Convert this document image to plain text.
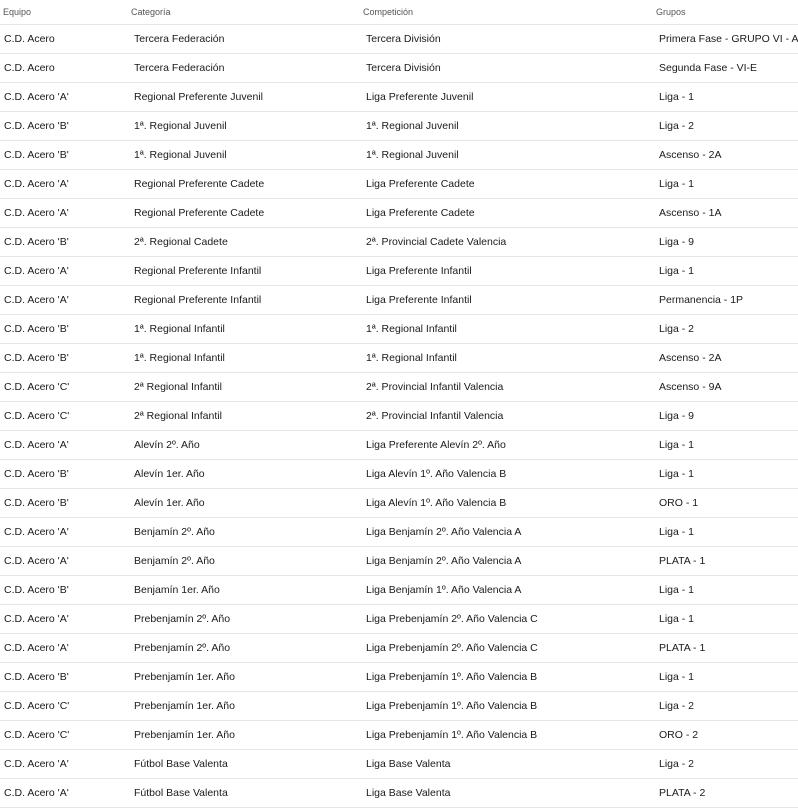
Equipo	Categoría	Competición	Grupos
C.D. Acero	Tercera Federación	Tercera División	Primera Fase - GRUPO VI - A
C.D. Acero	Tercera Federación	Tercera División	Segunda Fase - VI-E
C.D. Acero 'A'	Regional Preferente Juvenil	Liga Preferente Juvenil	Liga - 1
C.D. Acero 'B'	1ª. Regional Juvenil	1ª. Regional Juvenil	Liga - 2
C.D. Acero 'B'	1ª. Regional Juvenil	1ª. Regional Juvenil	Ascenso - 2A
C.D. Acero 'A'	Regional Preferente Cadete	Liga Preferente Cadete	Liga - 1
C.D. Acero 'A'	Regional Preferente Cadete	Liga Preferente Cadete	Ascenso - 1A
C.D. Acero 'B'	2ª. Regional Cadete	2ª. Provincial Cadete Valencia	Liga - 9
C.D. Acero 'A'	Regional Preferente Infantil	Liga Preferente Infantil	Liga - 1
C.D. Acero 'A'	Regional Preferente Infantil	Liga Preferente Infantil	Permanencia - 1P
C.D. Acero 'B'	1ª. Regional Infantil	1ª. Regional Infantil	Liga - 2
C.D. Acero 'B'	1ª. Regional Infantil	1ª. Regional Infantil	Ascenso - 2A
C.D. Acero 'C'	2ª Regional Infantil	2ª. Provincial Infantil Valencia	Ascenso - 9A
C.D. Acero 'C'	2ª Regional Infantil	2ª. Provincial Infantil Valencia	Liga - 9
C.D. Acero 'A'	Alevín 2º. Año	Liga Preferente Alevín 2º. Año	Liga - 1
C.D. Acero 'B'	Alevín 1er. Año	Liga Alevín 1º. Año Valencia B	Liga - 1
C.D. Acero 'B'	Alevín 1er. Año	Liga Alevín 1º. Año Valencia B	ORO - 1
C.D. Acero 'A'	Benjamín 2º. Año	Liga Benjamín 2º. Año Valencia A	Liga - 1
C.D. Acero 'A'	Benjamín 2º. Año	Liga Benjamín 2º. Año Valencia A	PLATA - 1
C.D. Acero 'B'	Benjamín 1er. Año	Liga Benjamín 1º. Año Valencia A	Liga - 1
C.D. Acero 'A'	Prebenjamín 2º. Año	Liga Prebenjamín 2º. Año Valencia C	Liga - 1
C.D. Acero 'A'	Prebenjamín 2º. Año	Liga Prebenjamín 2º. Año Valencia C	PLATA - 1
C.D. Acero 'B'	Prebenjamín 1er. Año	Liga Prebenjamín 1º. Año Valencia B	Liga - 1
C.D. Acero 'C'	Prebenjamín 1er. Año	Liga Prebenjamín 1º. Año Valencia B	Liga - 2
C.D. Acero 'C'	Prebenjamín 1er. Año	Liga Prebenjamín 1º. Año Valencia B	ORO - 2
C.D. Acero 'A'	Fútbol Base Valenta	Liga Base Valenta	Liga - 2
C.D. Acero 'A'	Fútbol Base Valenta	Liga Base Valenta	PLATA - 2
